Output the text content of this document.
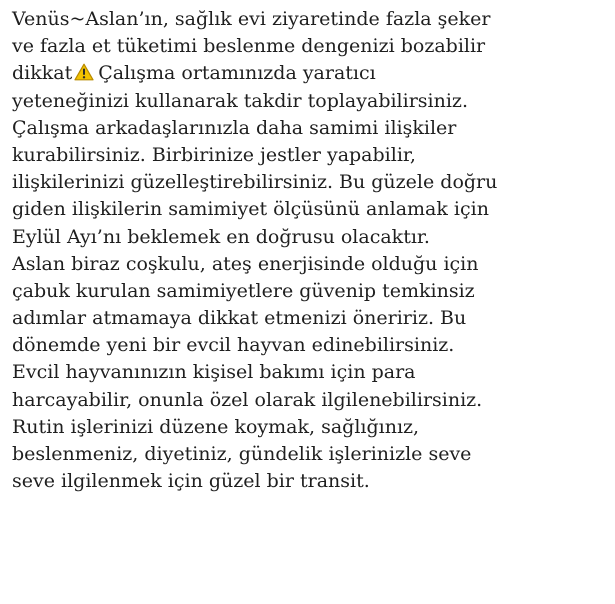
Venüs~Aslan’ın, sağlık evi ziyaretinde fazla şeker
ve fazla et tüketimi beslenme dengenizi bozabilir
dikkat Çalışma ortamınızda yaratıcı
yeteneğinizi kullanarak takdir toplayabilirsiniz.
Çalışma arkadaşlarınızla daha samimi ilişkiler
kurabilirsiniz. Birbirinize jestler yapabilir,
ilişkilerinizi güzelleştirebilirsiniz. Bu güzele doğru
giden ilişkilerin samimiyet ölçüsünü anlamak için
Eylül Ayı’nı beklemek en doğrusu olacaktır.
Aslan biraz coşkulu, ateş enerjisinde olduğu için
çabuk kurulan samimiyetlere güvenip temkinsiz
adımlar atmamaya dikkat etmenizi öneririz. Bu
dönemde yeni bir evcil hayvan edinebilirsiniz.
Evcil hayvanınızın kişisel bakımı için para
harcayabilir, onunla özel olarak ilgilenebilirsiniz.
Rutin işlerinizi düzene koymak, sağlığınız,
beslenmeniz, diyetiniz, gündelik işlerinizle seve
seve ilgilenmek için güzel bir transit.
